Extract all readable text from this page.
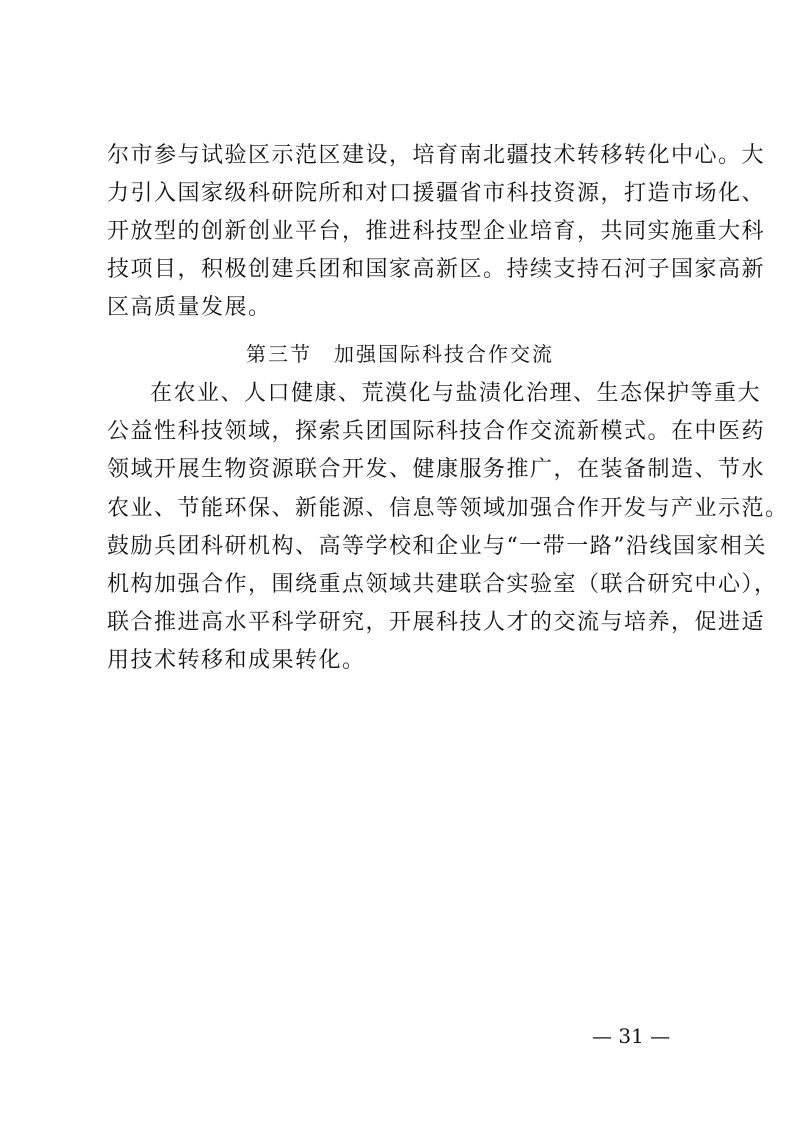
尔市参与试验区示范区建设，培育南北疆技术转移转化中心。大
力引入国家级科研院所和对口援疆省市科技资源，打造市场化、
开放型的创新创业平台，推进科技型企业培育，共同实施重大科
技项目，积极创建兵团和国家高新区。持续支持石河子国家高新
区高质量发展。
第三节　加强国际科技合作交流
在农业、人口健康、荒漠化与盐渍化治理、生态保护等重大
公益性科技领域，探索兵团国际科技合作交流新模式。在中医药
领域开展生物资源联合开发、健康服务推广，在装备制造、节水
农业、节能环保、新能源、信息等领域加强合作开发与产业示范。
鼓励兵团科研机构、高等学校和企业与“一带一路”沿线国家相关
机构加强合作，围绕重点领域共建联合实验室（联合研究中心），
联合推进高水平科学研究，开展科技人才的交流与培养，促进适
用技术转移和成果转化。
— 31 —
